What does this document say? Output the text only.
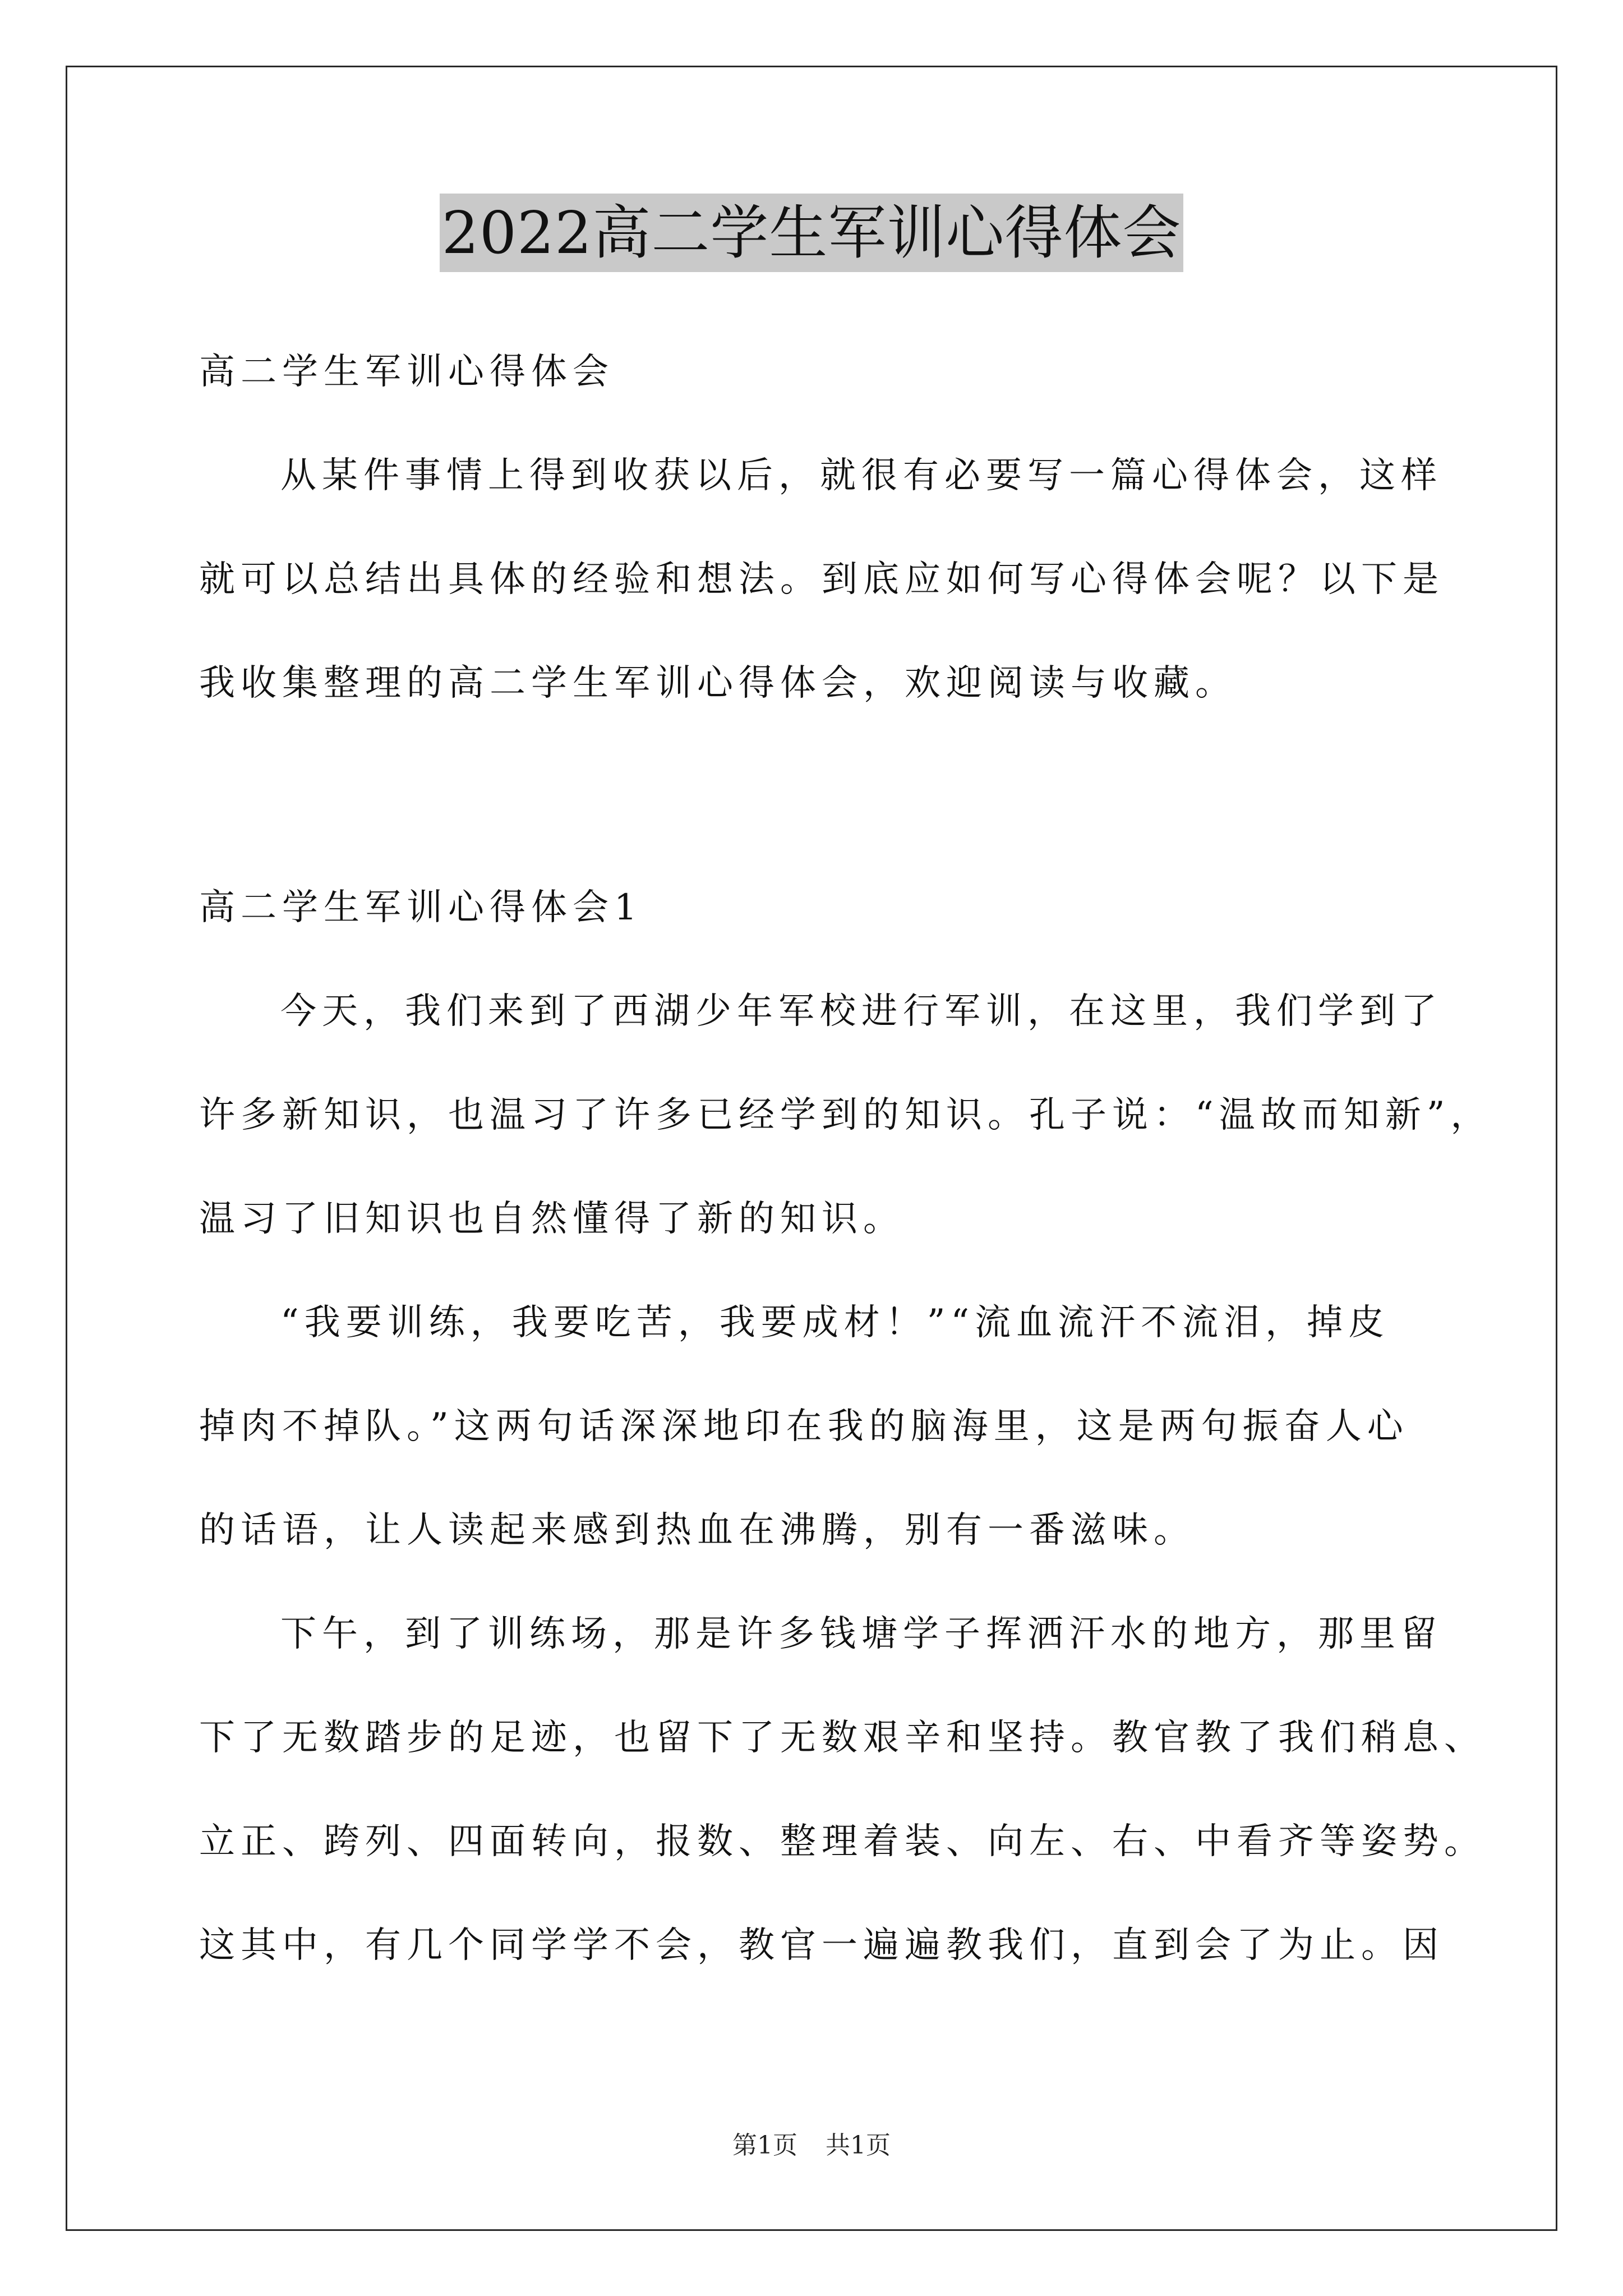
2022高二学生军训心得体会

高二学生军训心得体会

从某件事情上得到收获以后，就很有必要写一篇心得体会，这样

就可以总结出具体的经验和想法。到底应如何写心得体会呢？以下是

我收集整理的高二学生军训心得体会，欢迎阅读与收藏。

高二学生军训心得体会1

今天，我们来到了西湖少年军校进行军训，在这里，我们学到了

许多新知识，也温习了许多已经学到的知识。孔子说：“温故而知新”，

温习了旧知识也自然懂得了新的知识。

“我要训练，我要吃苦，我要成材！”“流血流汗不流泪，掉皮

掉肉不掉队。”这两句话深深地印在我的脑海里，这是两句振奋人心

的话语，让人读起来感到热血在沸腾，别有一番滋味。

下午，到了训练场，那是许多钱塘学子挥洒汗水的地方，那里留

下了无数踏步的足迹，也留下了无数艰辛和坚持。教官教了我们稍息、

立正、跨列、四面转向，报数、整理着装、向左、右、中看齐等姿势。

这其中，有几个同学学不会，教官一遍遍教我们，直到会了为止。因

第1页 共1页
